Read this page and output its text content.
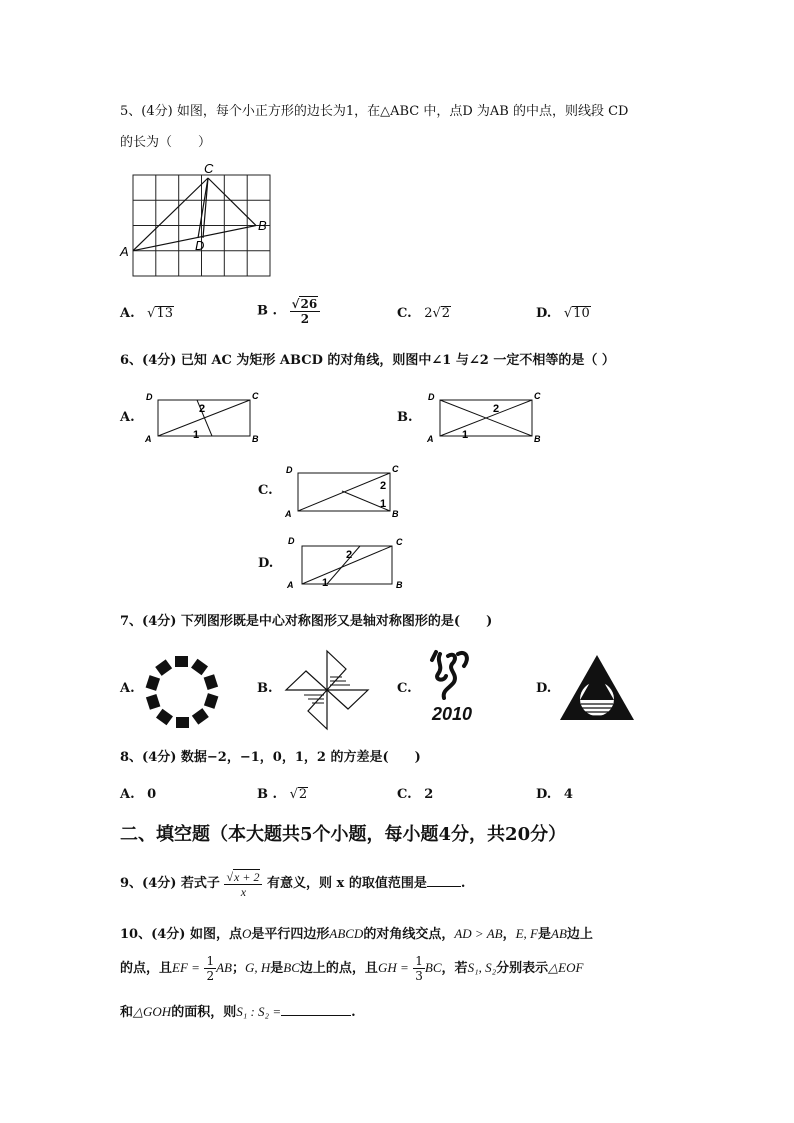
5、(4分) 如图，每个小正方形的边长为1，在△ABC 中，点D 为AB 的中点，则线段 CD
的长为（　　）
C
B
A	D
A. √13	B . $\frac{√26}{2}$	C. 2√2	D. √10
6、(4分) 已知 AC 为矩形 ABCD 的对角线，则图中∠1 与∠2 一定不相等的是（ ）
A.
D	C
A	B
2
1
B.
D	C
A	B
2
1
C.
D	C
A	B
2
1
D.
D	C
A	B
2
1
7、(4分) 下列图形既是中心对称图形又是轴对称图形的是(　　)
A.	B.	C.
2010
D.
8、(4分) 数据−2，−1，0，1，2 的方差是(　　)
A. 0	B . √2	C. 2	D. 4
二、填空题（本大题共5个小题，每小题4分，共20分）
9、(4分) 若式子 $\frac{√x + 2}{x}$ 有意义，则 x 的取值范围是	.
10、(4分) 如图，点O是平行四边形ABCD的对角线交点，AD > AB，E, F是AB边上
的点，且EF = $\frac{1}{2}$ AB；G, H是BC边上的点，且GH = $\frac{1}{3}$ BC，若S₁, S₂分别表示△EOF
和△GOH的面积，则S₁ : S₂ =	.
